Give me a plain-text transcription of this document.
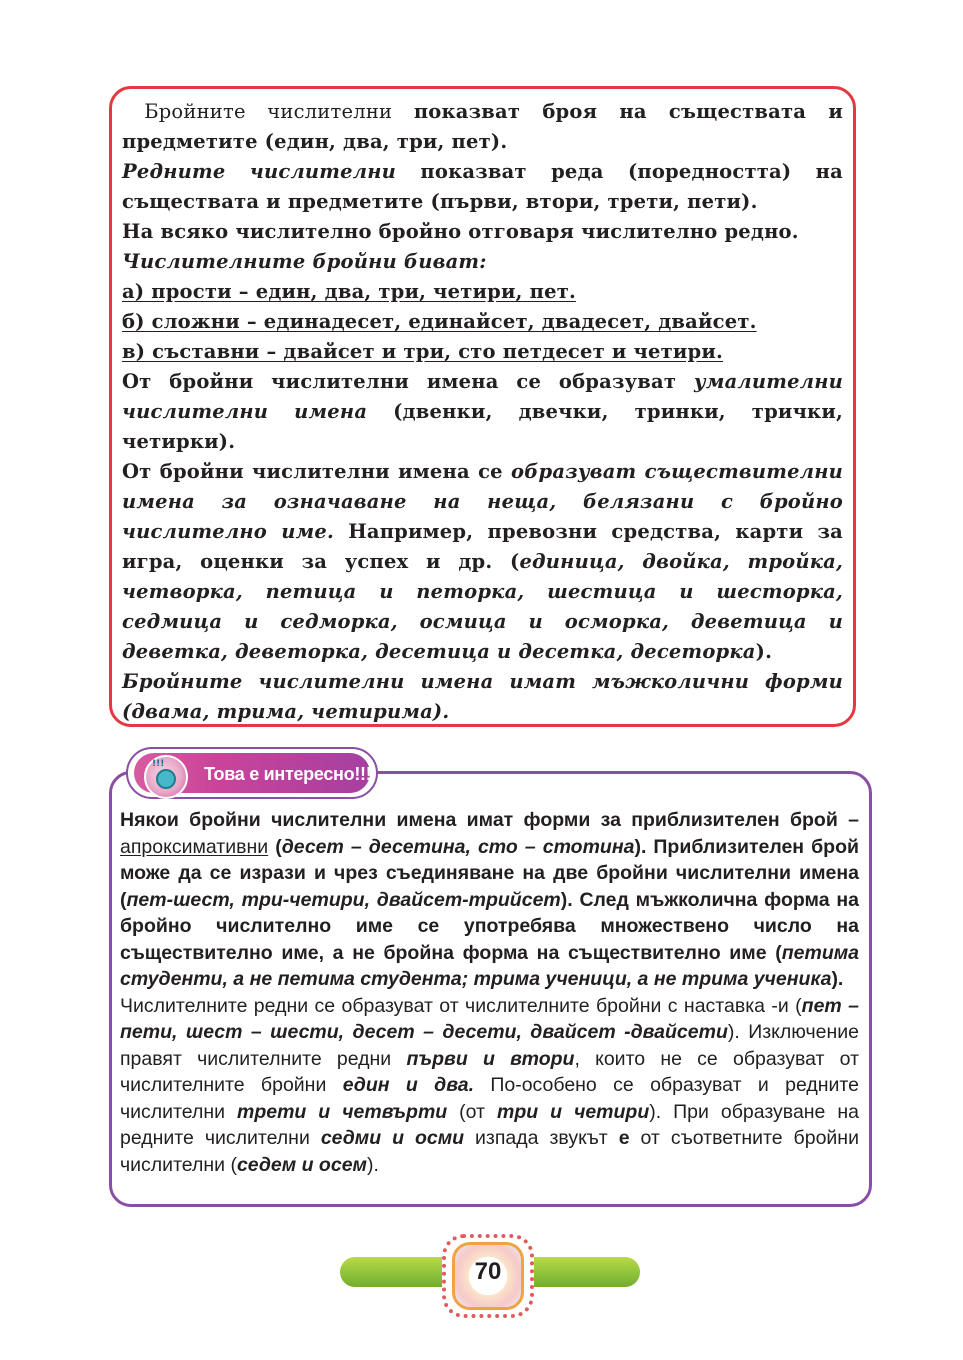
Бройните числителни показват броя на съществата и предметите (един, два, три, пет).

Редните числителни показват реда (поредността) на съществата и предметите (първи, втори, трети, пети).

На всяко числително бройно отговаря числително редно.

Числителните бройни биват:

а) прости – един, два, три, четири, пет.

б) сложни – единадесет, единайсет, двадесет, двайсет.

в) съставни – двайсет и три, сто петдесет и четири.

От бройни числителни имена се образуват умалителни числителни имена (двенки, двечки, тринки, трички, четирки).

От бройни числителни имена се образуват съществителни имена за означаване на неща, белязани с бройно числително име. Например, превозни средства, карти за игра, оценки за успех и др. (единица, двойка, тройка, четворка, петица и петорка, шестица и шесторка, седмица и седморка, осмица и осморка, деветица и деветка, деветорка, десетица и десетка, десеторка).

Бройните числителни имена имат мъжколични форми (двама, трима, четирима).

Някои бройни числителни имена имат форми за приблизителен брой – апроксимативни (десет – десетина, сто – стотина). Приблизителен брой може да се изрази и чрез съединяване на две бройни числителни имена (пет-шест, три-четири, двайсет-трийсет). След мъжколична форма на бройно числително име се употребява множествено число на съществително име, а не бройна форма на съществително име (петима студенти, а не петима студента; трима ученици, а не трима ученика).

Числителните редни се образуват от числителните бройни с наставка -и (пет – пети, шест – шести, десет – десети, двайсет -двайсети). Изключение правят числителните редни първи и втори, които не се образуват от числителните бройни един и два. По-особено се образуват и редните числителни трети и четвърти (от три и четири). При образуване на редните числителни седми и осми изпада звукът е от съответните бройни числителни (седем и осем).

!!! Това е интересно!!!
70
